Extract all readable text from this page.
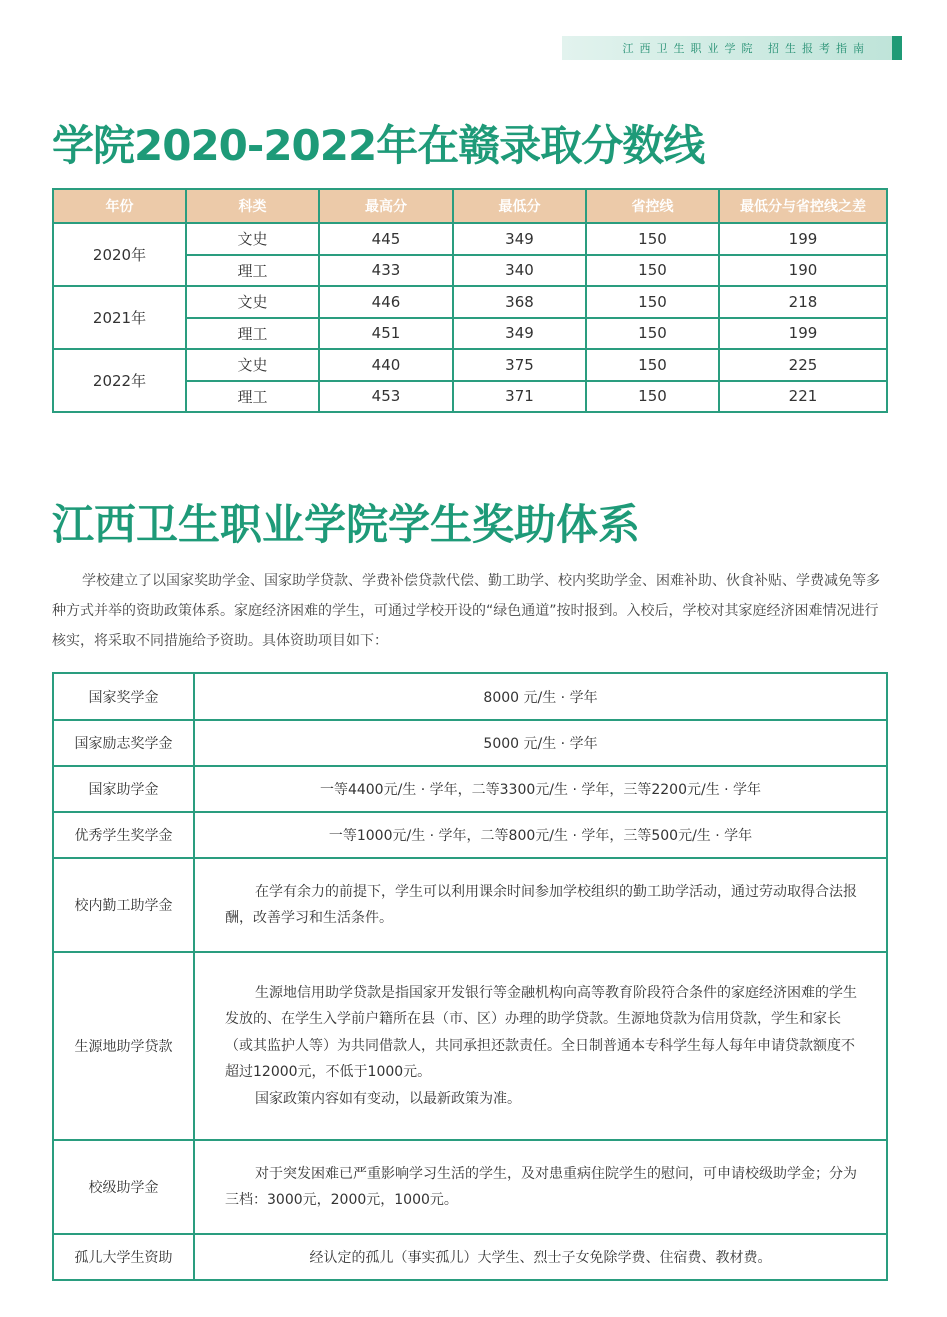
江西卫生职业学院 招生报考指南
学院2020-2022年在赣录取分数线
年份	科类	最高分	最低分	省控线	最低分与省控线之差
2020年	文史	445	349	150	199
	理工	433	340	150	190
2021年	文史	446	368	150	218
	理工	451	349	150	199
2022年	文史	440	375	150	225
	理工	453	371	150	221
江西卫生职业学院学生奖助体系

学校建立了以国家奖助学金、国家助学贷款、学费补偿贷款代偿、勤工助学、校内奖助学金、困难补助、伙食补贴、学费减免等多种方式并举的资助政策体系。家庭经济困难的学生，可通过学校开设的“绿色通道”按时报到。入校后，学校对其家庭经济困难情况进行核实，将采取不同措施给予资助。具体资助项目如下：

国家奖学金	8000 元/生 · 学年
国家励志奖学金	5000 元/生 · 学年
国家助学金	一等4400元/生 · 学年，二等3300元/生 · 学年，三等2200元/生 · 学年
优秀学生奖学金	一等1000元/生 · 学年，二等800元/生 · 学年，三等500元/生 · 学年
校内勤工助学金	在学有余力的前提下，学生可以利用课余时间参加学校组织的勤工助学活动，通过劳动取得合法报酬，改善学习和生活条件。

生源地助学贷款	生源地信用助学贷款是指国家开发银行等金融机构向高等教育阶段符合条件的家庭经济困难的学生发放的、在学生入学前户籍所在县（市、区）办理的助学贷款。生源地贷款为信用贷款，学生和家长（或其监护人等）为共同借款人，共同承担还款责任。全日制普通本专科学生每人每年申请贷款额度不超过12000元，不低于1000元。

国家政策内容如有变动，以最新政策为准。

校级助学金	对于突发困难已严重影响学习生活的学生，及对患重病住院学生的慰问，可申请校级助学金；分为三档：3000元，2000元，1000元。

孤儿大学生资助	经认定的孤儿（事实孤儿）大学生、烈士子女免除学费、住宿费、教材费。
